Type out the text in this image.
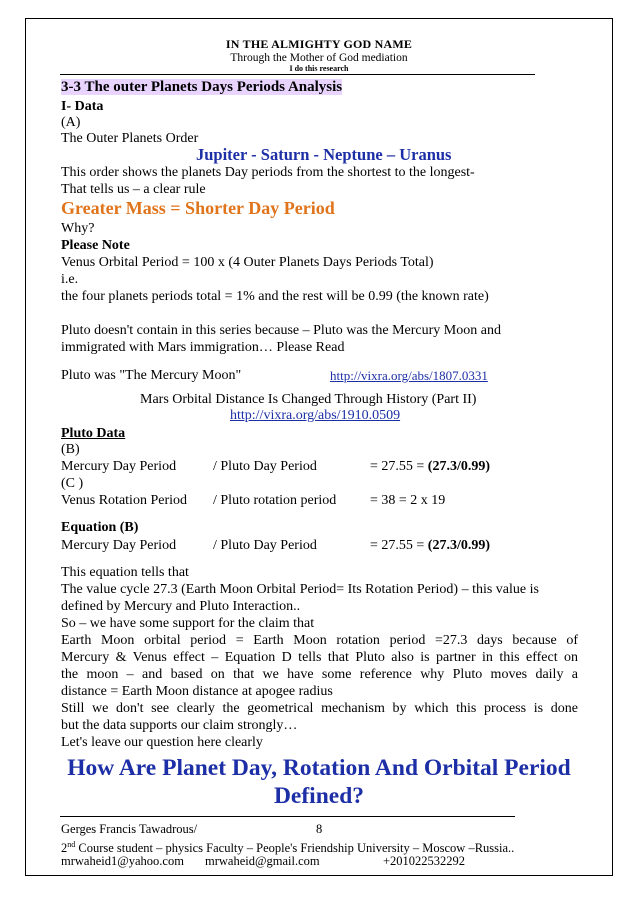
IN THE ALMIGHTY GOD NAME
Through the Mother of God mediation
I do this research
3-3 The outer Planets Days Periods Analysis
I- Data
(A)
The Outer Planets Order
Jupiter - Saturn - Neptune – Uranus
This order shows the planets Day periods from the shortest to the longest-
That tells us – a clear rule
Greater Mass = Shorter Day Period
Why?
Please Note
Venus Orbital Period = 100 x (4 Outer Planets Days Periods Total)
i.e.
the four planets periods total = 1% and the rest will be 0.99 (the known rate)
Pluto doesn't contain in this series because – Pluto was the Mercury Moon and
immigrated with Mars immigration… Please Read
Pluto was "The Mercury Moon"	http://vixra.org/abs/1807.0331
Mars Orbital Distance Is Changed Through History (Part II)
http://vixra.org/abs/1910.0509
Pluto Data
(B)
Mercury Day Period	/ Pluto Day Period	= 27.55 = (27.3/0.99)
(C )
Venus Rotation Period / Pluto rotation period = 38 = 2 x 19
Equation (B)
Mercury Day Period	/ Pluto Day Period	= 27.55 = (27.3/0.99)
This equation tells that
The value cycle 27.3 (Earth Moon Orbital Period= Its Rotation Period) – this value is
defined by Mercury and Pluto Interaction..
So – we have some support for the claim that
Earth Moon orbital period = Earth Moon rotation period =27.3 days because of
Mercury & Venus effect – Equation D tells that Pluto also is partner in this effect on
the moon – and based on that we have some reference why Pluto moves daily a
distance = Earth Moon distance at apogee radius
Still we don't see clearly the geometrical mechanism by which this process is done
but the data supports our claim strongly…
Let's leave our question here clearly
How Are Planet Day, Rotation And Orbital Period
Defined?
Gerges Francis Tawadrous/	8
2nd Course student – physics Faculty – People's Friendship University – Moscow –Russia..
mrwaheid1@yahoo.com mrwaheid@gmail.com	+201022532292
